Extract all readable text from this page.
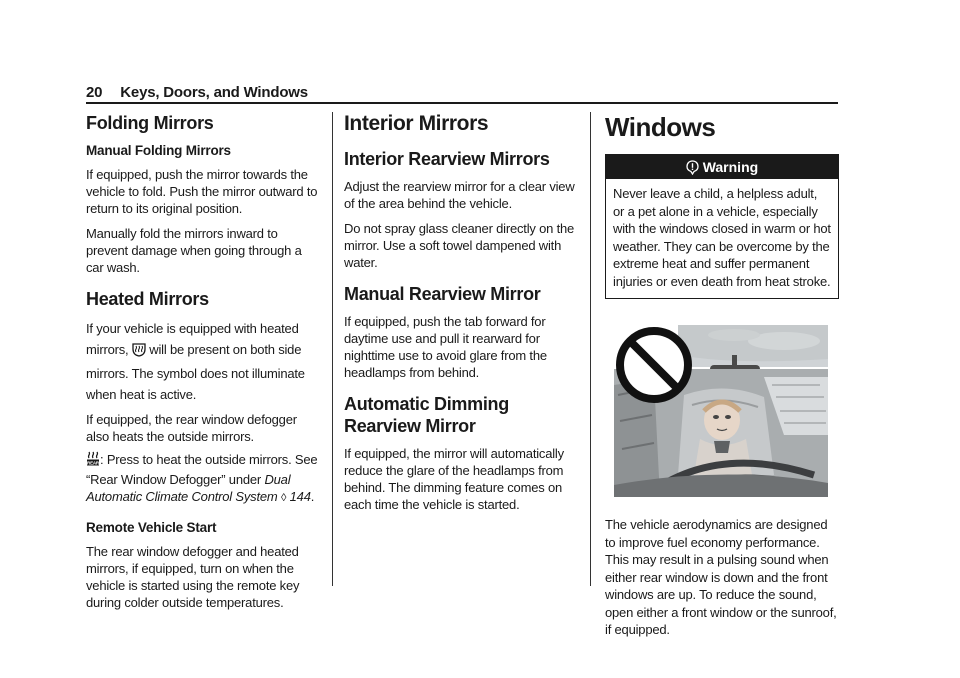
20 Keys, Doors, and Windows
Folding Mirrors
Manual Folding Mirrors

If equipped, push the mirror towards the vehicle to fold. Push the mirror outward to return to its original position.

Manually fold the mirrors inward to prevent damage when going through a car wash.

Heated Mirrors

If your vehicle is equipped with heated mirrors, will be present on both side mirrors. The symbol does not illuminate when heat is active.

If equipped, the rear window defogger also heats the outside mirrors.

REAR : Press to heat the outside mirrors. See “Rear Window Defogger” under Dual Automatic Climate Control System ◊ 144.

Remote Vehicle Start

The rear window defogger and heated mirrors, if equipped, turn on when the vehicle is started using the remote key during colder outside temperatures.

Interior Mirrors
Interior Rearview Mirrors

Adjust the rearview mirror for a clear view of the area behind the vehicle.

Do not spray glass cleaner directly on the mirror. Use a soft towel dampened with water.

Manual Rearview Mirror

If equipped, push the tab forward for daytime use and pull it rearward for nighttime use to avoid glare from the headlamps from behind.

Automatic Dimming Rearview Mirror

If equipped, the mirror will automatically reduce the glare of the headlamps from behind. The dimming feature comes on each time the vehicle is started.

Windows
Warning
Never leave a child, a helpless adult, or a pet alone in a vehicle, especially with the windows closed in warm or hot weather. They can be overcome by the extreme heat and suffer permanent injuries or even death from heat stroke.

The vehicle aerodynamics are designed to improve fuel economy performance. This may result in a pulsing sound when either rear window is down and the front windows are up. To reduce the sound, open either a front window or the sunroof, if equipped.
